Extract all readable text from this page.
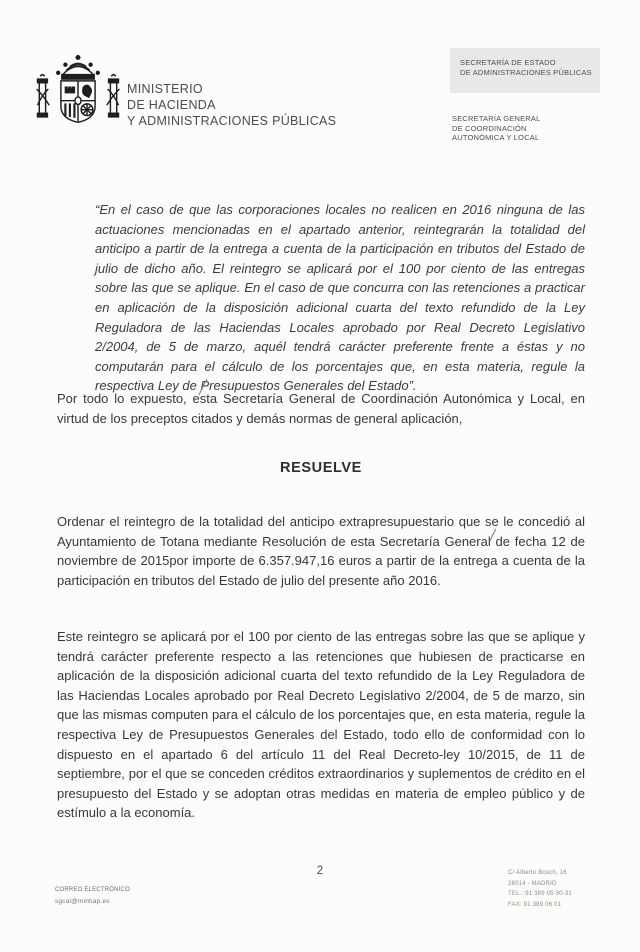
MINISTERIO
DE HACIENDA
Y ADMINISTRACIONES PÚBLICAS
SECRETARÍA DE ESTADO
DE ADMINISTRACIONES PÚBLICAS
SECRETARÍA GENERAL
DE COORDINACIÓN
AUTONÓMICA Y LOCAL
“En el caso de que las corporaciones locales no realicen en 2016 ninguna de las actuaciones mencionadas en el apartado anterior, reintegrarán la totalidad del anticipo a partir de la entrega a cuenta de la participación en tributos del Estado de julio de dicho año. El reintegro se aplicará por el 100 por ciento de las entregas sobre las que se aplique. En el caso de que concurra con las retenciones a practicar en aplicación de la disposición adicional cuarta del texto refundido de la Ley Reguladora de las Haciendas Locales aprobado por Real Decreto Legislativo 2/2004, de 5 de marzo, aquél tendrá carácter preferente frente a éstas y no computarán para el cálculo de los porcentajes que, en esta materia, regule la respectiva Ley de Presupuestos Generales del Estado”.
Por todo lo expuesto, esta Secretaría General de Coordinación Autonómica y Local, en virtud de los preceptos citados y demás normas de general aplicación,
RESUELVE
Ordenar el reintegro de la totalidad del anticipo extrapresupuestario que se le concedió al Ayuntamiento de Totana mediante Resolución de esta Secretaría General de fecha 12 de noviembre de 2015por importe de 6.357.947,16 euros a partir de la entrega a cuenta de la participación en tributos del Estado de julio del presente año 2016.
Este reintegro se aplicará por el 100 por ciento de las entregas sobre las que se aplique y tendrá carácter preferente respecto a las retenciones que hubiesen de practicarse en aplicación de la disposición adicional cuarta del texto refundido de la Ley Reguladora de las Haciendas Locales aprobado por Real Decreto Legislativo 2/2004, de 5 de marzo, sin que las mismas computen para el cálculo de los porcentajes que, en esta materia, regule la respectiva Ley de Presupuestos Generales del Estado, todo ello de conformidad con lo dispuesto en el apartado 6 del artículo 11 del Real Decreto-ley 10/2015, de 11 de septiembre, por el que se conceden créditos extraordinarios y suplementos de crédito en el presupuesto del Estado y se adoptan otras medidas en materia de empleo público y de estímulo a la economía.
CORREO ELECTRÓNICO
sgcal@minhap.es
2	C/ Alberto Bosch, 16
28014 - MADRID
TEL.: 91 389 05 30-31
FAX: 91 389 06 01
